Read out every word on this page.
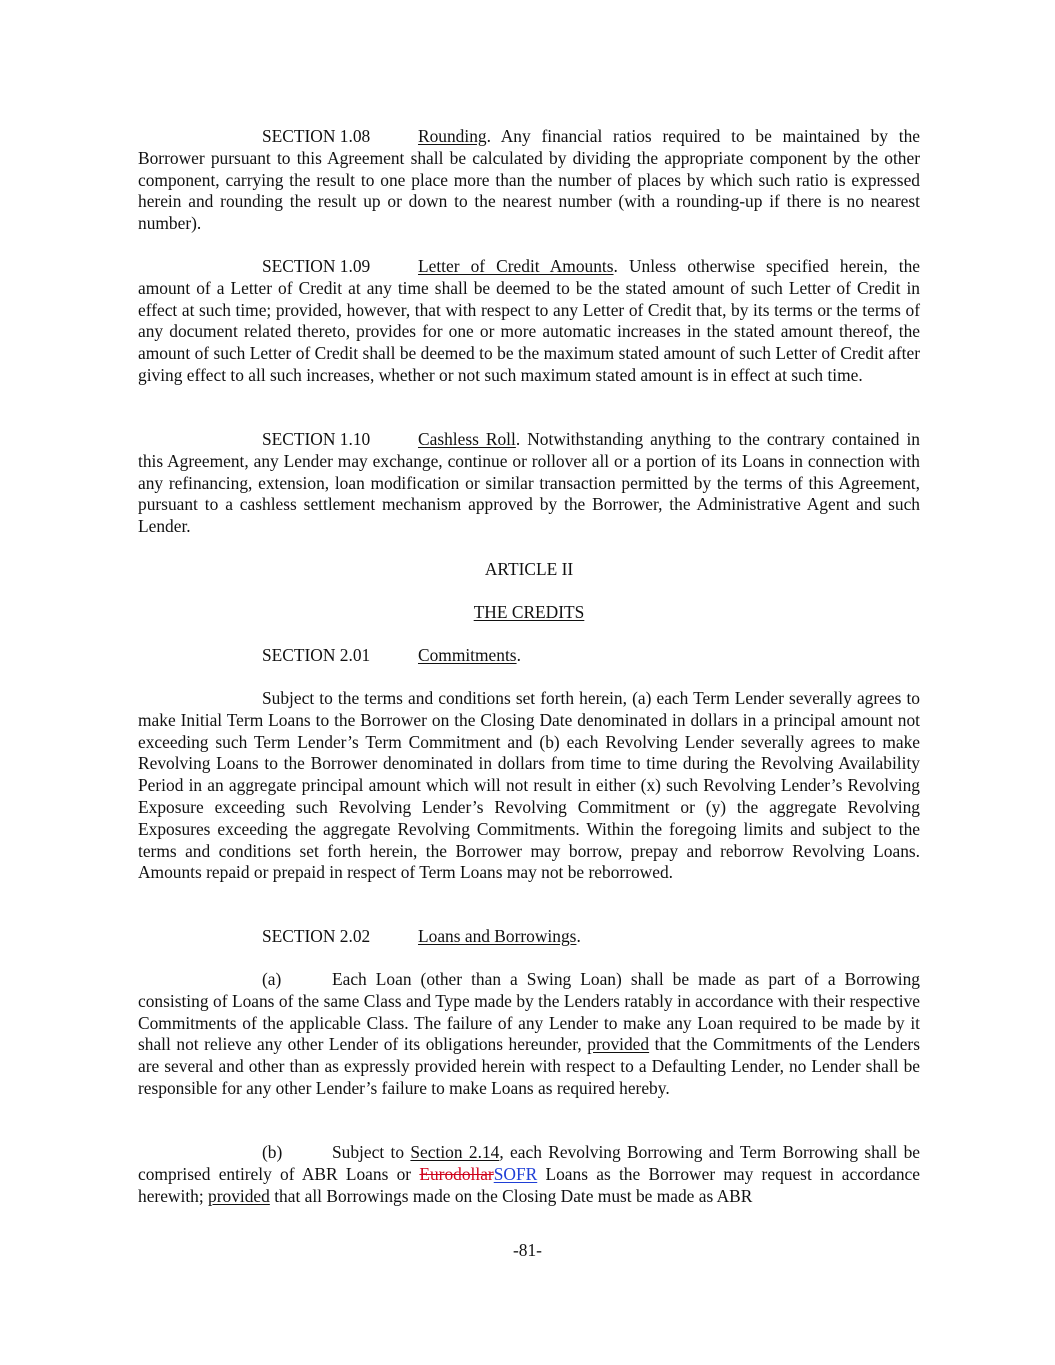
SECTION 1.08	Rounding. Any financial ratios required to be maintained by the Borrower pursuant to this Agreement shall be calculated by dividing the appropriate component by the other component, carrying the result to one place more than the number of places by which such ratio is expressed herein and rounding the result up or down to the nearest number (with a rounding-up if there is no nearest number).

SECTION 1.09	Letter of Credit Amounts. Unless otherwise specified herein, the amount of a Letter of Credit at any time shall be deemed to be the stated amount of such Letter of Credit in effect at such time; provided, however, that with respect to any Letter of Credit that, by its terms or the terms of any document related thereto, provides for one or more automatic increases in the stated amount thereof, the amount of such Letter of Credit shall be deemed to be the maximum stated amount of such Letter of Credit after giving effect to all such increases, whether or not such maximum stated amount is in effect at such time.

SECTION 1.10	Cashless Roll. Notwithstanding anything to the contrary contained in this Agreement, any Lender may exchange, continue or rollover all or a portion of its Loans in connection with any refinancing, extension, loan modification or similar transaction permitted by the terms of this Agreement, pursuant to a cashless settlement mechanism approved by the Borrower, the Administrative Agent and such Lender.

ARTICLE II

THE CREDITS

SECTION 2.01	Commitments.

Subject to the terms and conditions set forth herein, (a) each Term Lender severally agrees to make Initial Term Loans to the Borrower on the Closing Date denominated in dollars in a principal amount not exceeding such Term Lender’s Term Commitment and (b) each Revolving Lender severally agrees to make Revolving Loans to the Borrower denominated in dollars from time to time during the Revolving Availability Period in an aggregate principal amount which will not result in either (x) such Revolving Lender’s Revolving Exposure exceeding such Revolving Lender’s Revolving Commitment or (y) the aggregate Revolving Exposures exceeding the aggregate Revolving Commitments. Within the foregoing limits and subject to the terms and conditions set forth herein, the Borrower may borrow, prepay and reborrow Revolving Loans. Amounts repaid or prepaid in respect of Term Loans may not be reborrowed.

SECTION 2.02	Loans and Borrowings.

(a)	Each Loan (other than a Swing Loan) shall be made as part of a Borrowing consisting of Loans of the same Class and Type made by the Lenders ratably in accordance with their respective Commitments of the applicable Class. The failure of any Lender to make any Loan required to be made by it shall not relieve any other Lender of its obligations hereunder, provided that the Commitments of the Lenders are several and other than as expressly provided herein with respect to a Defaulting Lender, no Lender shall be responsible for any other Lender’s failure to make Loans as required hereby.

(b)	Subject to Section 2.14, each Revolving Borrowing and Term Borrowing shall be comprised entirely of ABR Loans or EurodollarSOFR Loans as the Borrower may request in accordance herewith; provided that all Borrowings made on the Closing Date must be made as ABR

-81-
